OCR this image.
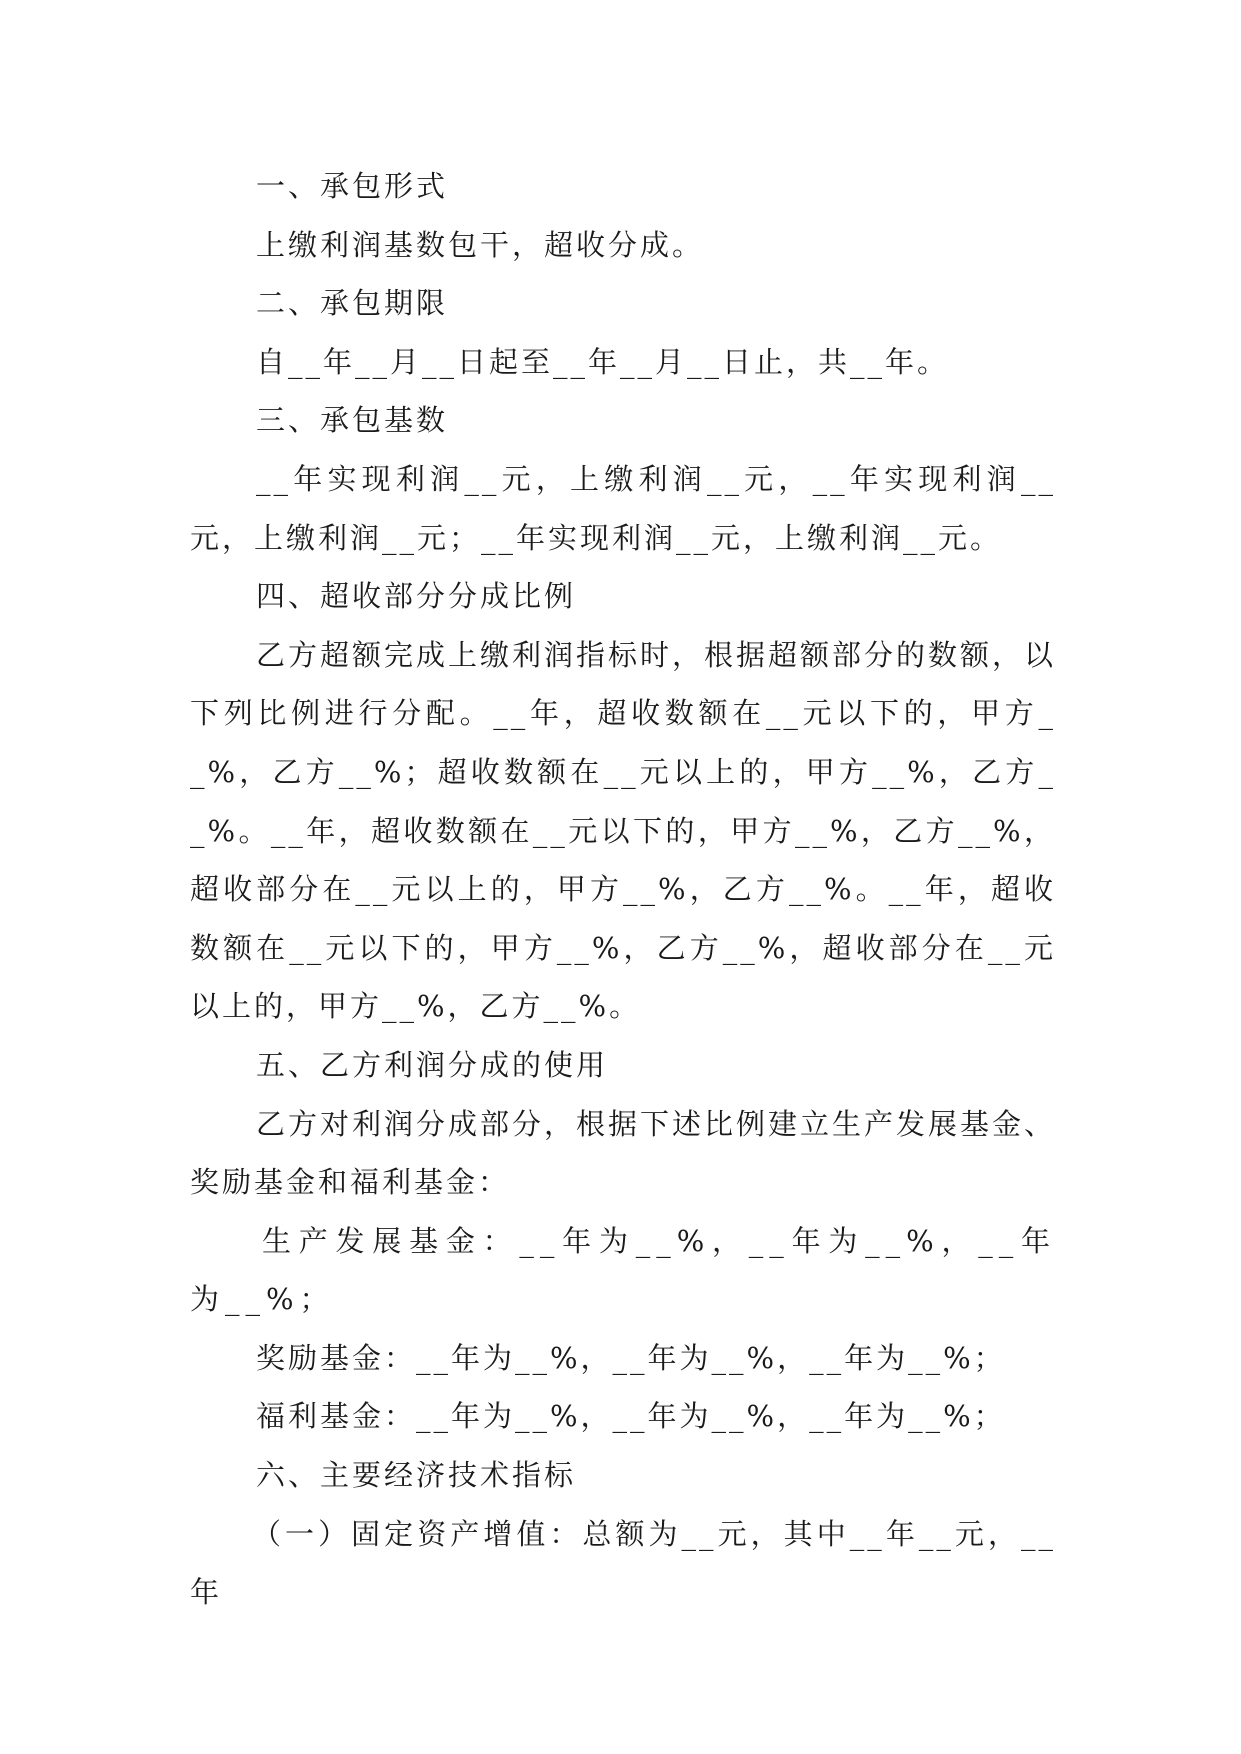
一、承包形式

上缴利润基数包干，超收分成。

二、承包期限

自__年__月__日起至__年__月__日止，共__年。

三、承包基数

__年实现利润__元，上缴利润__元，__年实现利润__元，上缴利润__元；__年实现利润__元，上缴利润__元。

四、超收部分分成比例

乙方超额完成上缴利润指标时，根据超额部分的数额，以下列比例进行分配。__年，超收数额在__元以下的，甲方__%，乙方__%；超收数额在__元以上的，甲方__%，乙方__%。__年，超收数额在__元以下的，甲方__%，乙方__%，超收部分在__元以上的，甲方__%，乙方__%。__年，超收数额在__元以下的，甲方__%，乙方__%，超收部分在__元以上的，甲方__%，乙方__%。

五、乙方利润分成的使用

乙方对利润分成部分，根据下述比例建立生产发展基金、奖励基金和福利基金：

生产发展基金：__年为__%，__年为__%，__年为__%；

奖励基金：__年为__%，__年为__%，__年为__%；

福利基金：__年为__%，__年为__%，__年为__%；

六、主要经济技术指标

（一）固定资产增值：总额为__元，其中__年__元，__年
